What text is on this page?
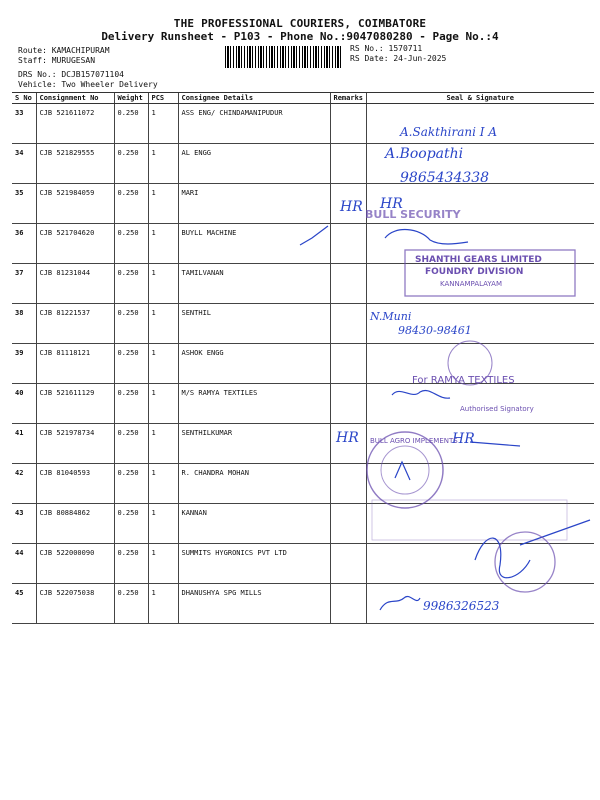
THE PROFESSIONAL COURIERS, COIMBATORE
Delivery Runsheet - P103 - Phone No.:9047080280 - Page No.:4
Route: KAMACHIPURAM
Staff: MURUGESAN
DRS No.: DCJB157071104
Vehicle: Two Wheeler Delivery
RS No.: 1570711
RS Date: 24-Jun-2025
S No	Consignment No	Weight	PCS	Consignee Details	Remarks	Seal & Signature
33	CJB 521611072	0.250	1	ASS ENG/ CHINDAMANIPUDUR		
34	CJB 521829555	0.250	1	AL ENGG		
35	CJB 521984059	0.250	1	MARI		
36	CJB 521704620	0.250	1	BUYLL MACHINE		
37	CJB 81231044	0.250	1	TAMILVANAN		
38	CJB 81221537	0.250	1	SENTHIL		
39	CJB 81118121	0.250	1	ASHOK ENGG		
40	CJB 521611129	0.250	1	M/S RAMYA TEXTILES		
41	CJB 521978734	0.250	1	SENTHILKUMAR		
42	CJB 81040593	0.250	1	R. CHANDRA MOHAN		
43	CJB 80884862	0.250	1	KANNAN		
44	CJB 522000090	0.250	1	SUMMITS HYGRONICS PVT LTD		
45	CJB 522075038	0.250	1	DHANUSHYA SPG MILLS		
A.Sakthirani I A
A.Boopathi
9865434338
HR HR
N.Muni
98430-98461
HR	HR
9986326523
BULL SECURITY
SHANTHI GEARS LIMITED
FOUNDRY DIVISION
KANNAMPALAYAM
For RAMYA TEXTILES
Authorised Signatory
BULL AGRO IMPLEMENTS
